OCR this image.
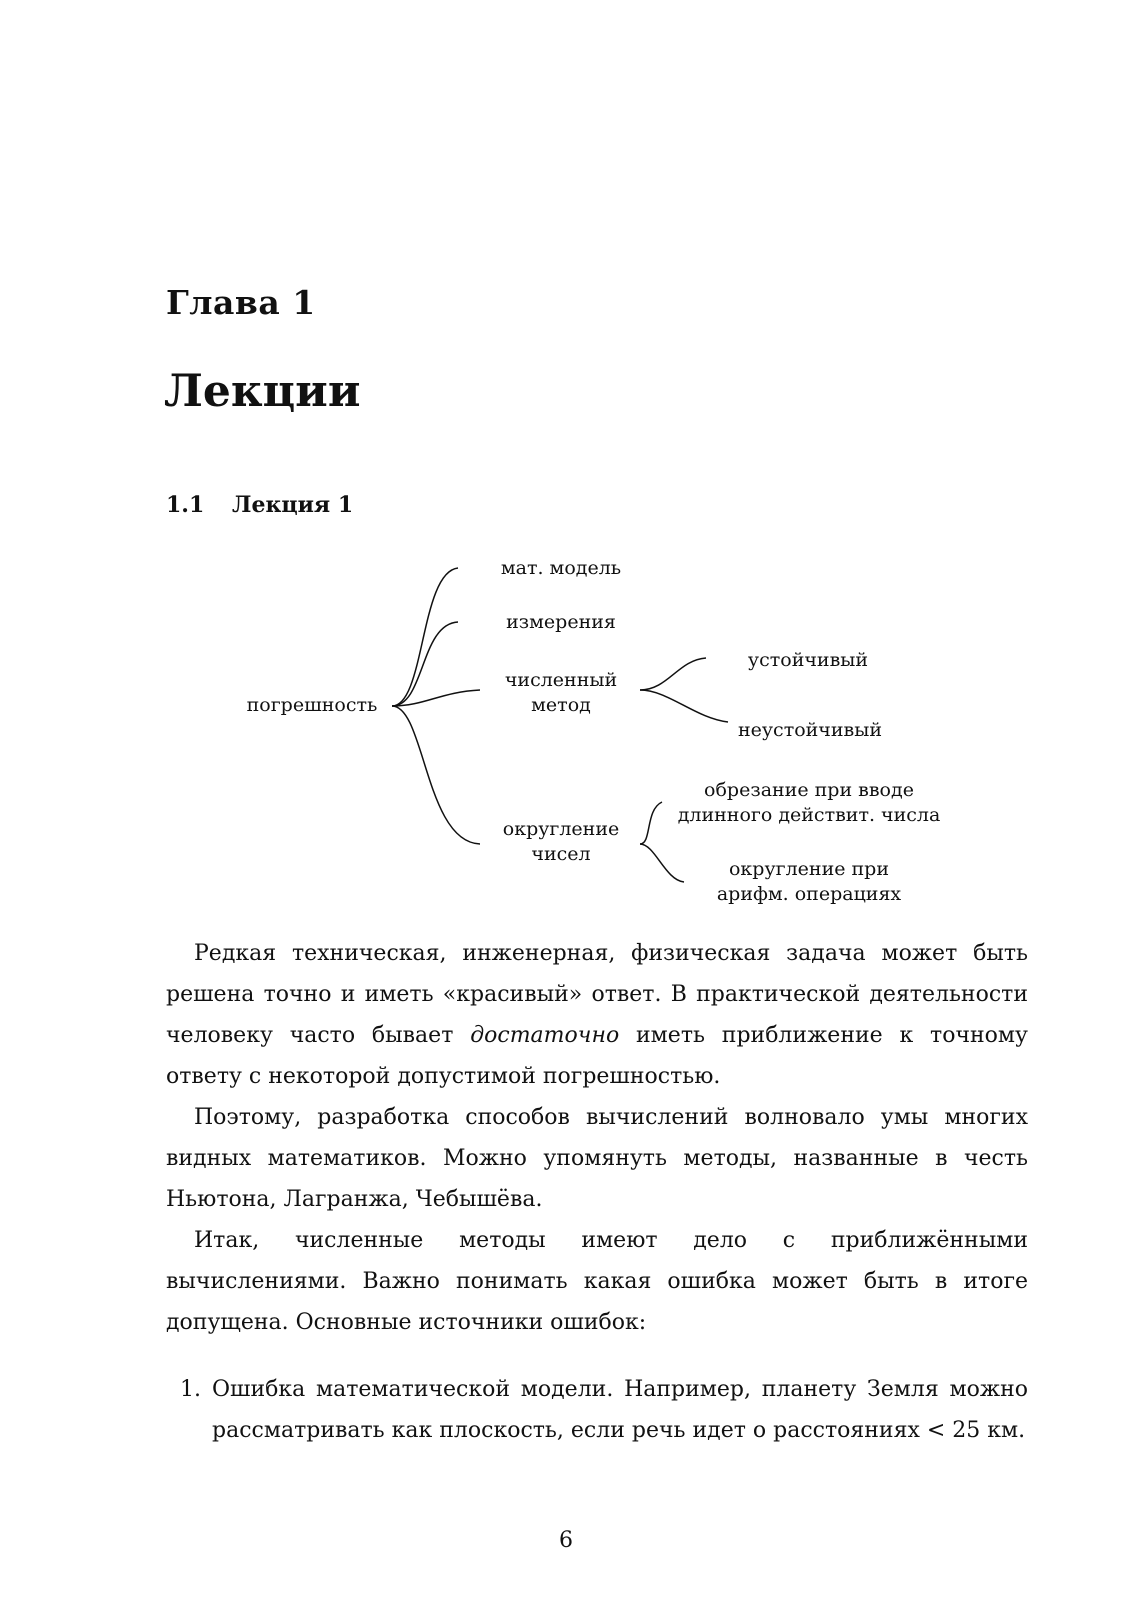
Глава 1
Лекции
1.1 Лекция 1
погрешность
мат. модель
измерения
численный
метод
округление
чисел
устойчивый
неустойчивый
обрезание при вводе
длинного действит. числа
округление при
арифм. операциях

Редкая техническая, инженерная, физическая задача может быть решена точно и иметь «красивый» ответ. В практической деятельности человеку часто бывает достаточно иметь приближение к точному ответу с некоторой допустимой погрешностью.

Поэтому, разработка способов вычислений волновало умы многих видных математиков. Можно упомянуть методы, названные в честь Ньютона, Лагранжа, Чебышёва.

Итак, численные методы имеют дело с приближёнными вычислениями. Важно понимать какая ошибка может быть в итоге допущена. Основные источники ошибок:

1. Ошибка математической модели. Например, планету Земля можно рассматривать как плоскость, если речь идет о расстояниях < 25 км.
6
